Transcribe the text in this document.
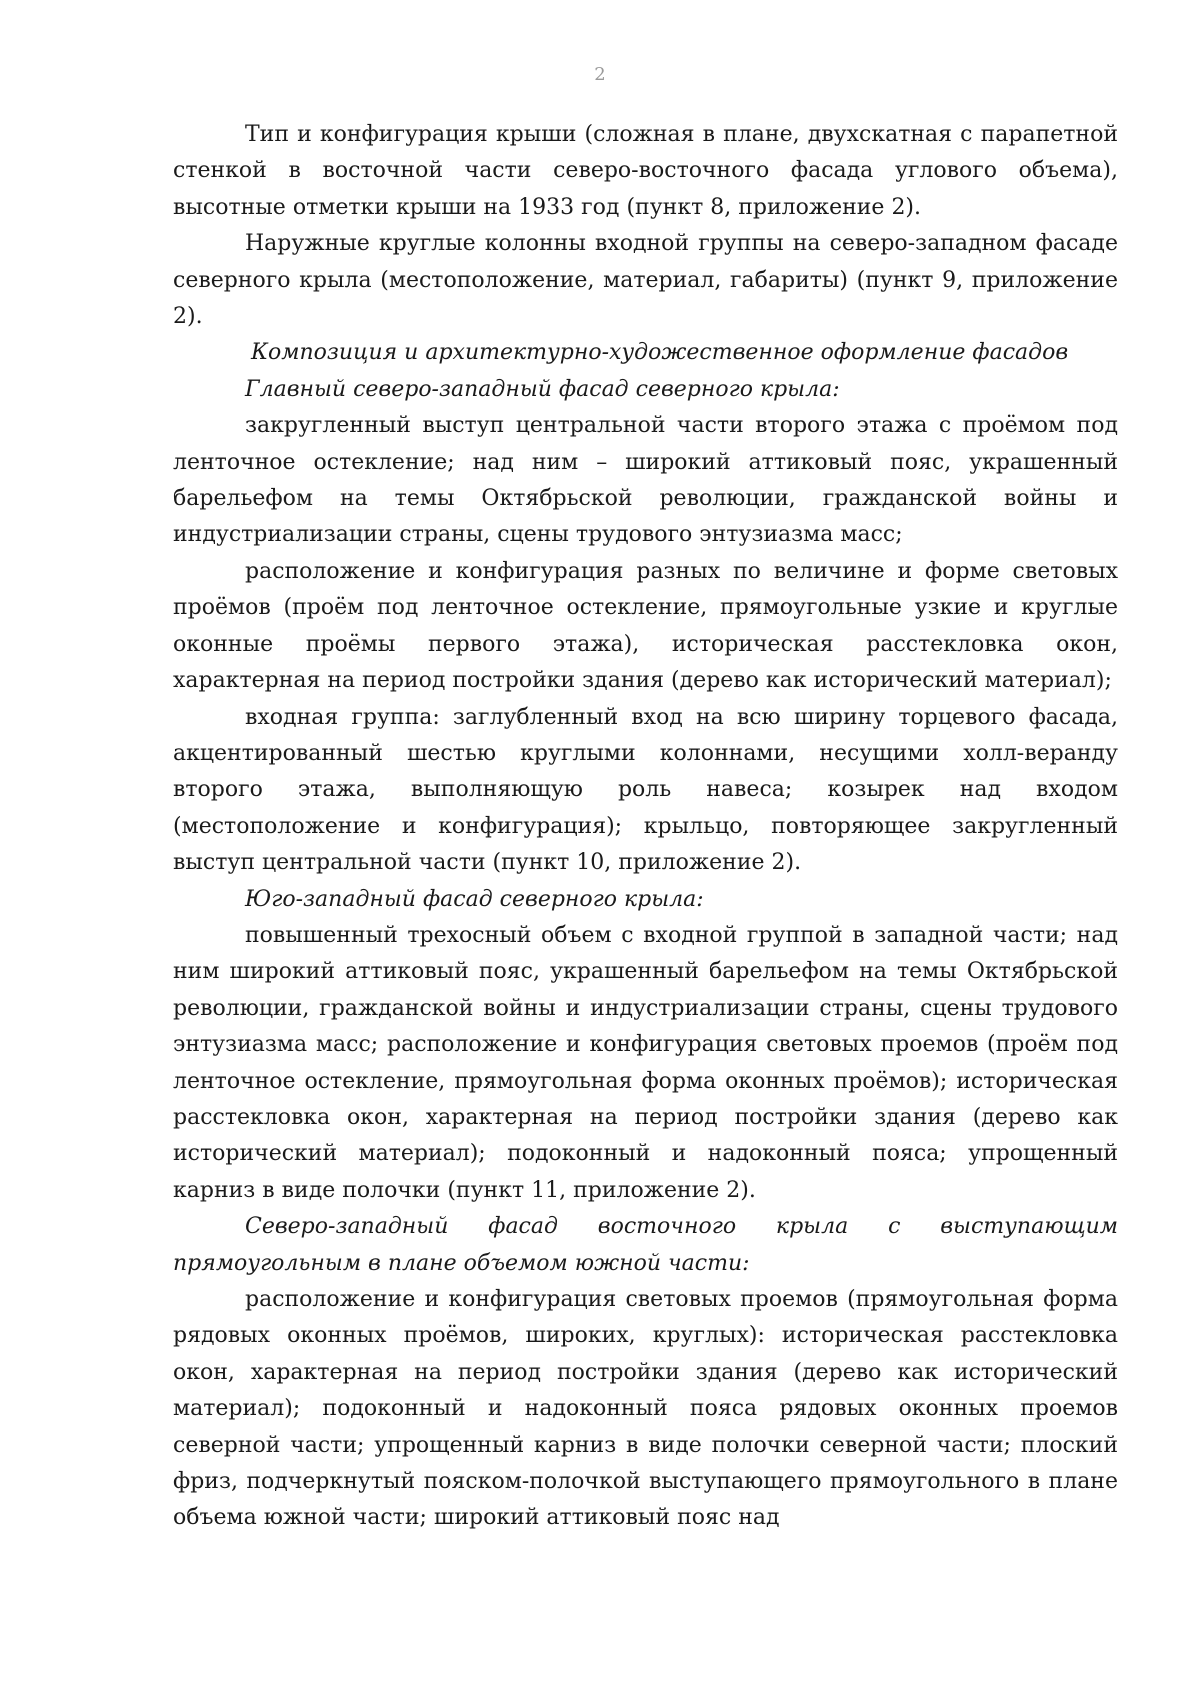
2

Тип и конфигурация крыши (сложная в плане, двухскатная с парапетной стенкой в восточной части северо-восточного фасада углового объема), высотные отметки крыши на 1933 год (пункт 8, приложение 2).

Наружные круглые колонны входной группы на северо-западном фасаде северного крыла (местоположение, материал, габариты) (пункт 9, приложение 2).

Композиция и архитектурно-художественное оформление фасадов

Главный северо-западный фасад северного крыла:

закругленный выступ центральной части второго этажа с проёмом под ленточное остекление; над ним – широкий аттиковый пояс, украшенный барельефом на темы Октябрьской революции, гражданской войны и индустриализации страны, сцены трудового энтузиазма масс;

расположение и конфигурация разных по величине и форме световых проёмов (проём под ленточное остекление, прямоугольные узкие и круглые оконные проёмы первого этажа), историческая расстекловка окон, характерная на период постройки здания (дерево как исторический материал);

входная группа: заглубленный вход на всю ширину торцевого фасада, акцентированный шестью круглыми колоннами, несущими холл-веранду второго этажа, выполняющую роль навеса; козырек над входом (местоположение и конфигурация); крыльцо, повторяющее закругленный выступ центральной части (пункт 10, приложение 2).

Юго-западный фасад северного крыла:

повышенный трехосный объем с входной группой в западной части; над ним широкий аттиковый пояс, украшенный барельефом на темы Октябрьской революции, гражданской войны и индустриализации страны, сцены трудового энтузиазма масс; расположение и конфигурация световых проемов (проём под ленточное остекление, прямоугольная форма оконных проёмов); историческая расстекловка окон, характерная на период постройки здания (дерево как исторический материал); подоконный и надоконный пояса; упрощенный карниз в виде полочки (пункт 11, приложение 2).

Северо-западный фасад восточного крыла с выступающим прямоугольным в плане объемом южной части:

расположение и конфигурация световых проемов (прямоугольная форма рядовых оконных проёмов, широких, круглых): историческая расстекловка окон, характерная на период постройки здания (дерево как исторический материал); подоконный и надоконный пояса рядовых оконных проемов северной части; упрощенный карниз в виде полочки северной части; плоский фриз, подчеркнутый пояском-полочкой выступающего прямоугольного в плане объема южной части; широкий аттиковый пояс над
